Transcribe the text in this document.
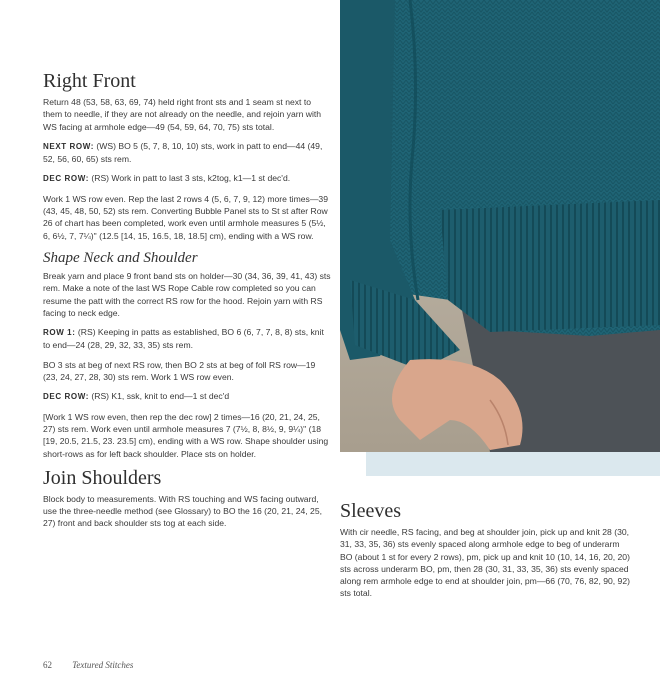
Right Front

Return 48 (53, 58, 63, 69, 74) held right front sts and 1 seam st next to them to needle, if they are not already on the needle, and rejoin yarn with WS facing at armhole edge—49 (54, 59, 64, 70, 75) sts total.

NEXT ROW: (WS) BO 5 (5, 7, 8, 10, 10) sts, work in patt to end—44 (49, 52, 56, 60, 65) sts rem.

DEC ROW: (RS) Work in patt to last 3 sts, k2tog, k1—1 st dec'd.

Work 1 WS row even. Rep the last 2 rows 4 (5, 6, 7, 9, 12) more times—39 (43, 45, 48, 50, 52) sts rem. Converting Bubble Panel sts to St st after Row 26 of chart has been completed, work even until armhole measures 5 (5½, 6, 6½, 7, 7¼)" (12.5 [14, 15, 16.5, 18, 18.5] cm), ending with a WS row.

Shape Neck and Shoulder

Break yarn and place 9 front band sts on holder—30 (34, 36, 39, 41, 43) sts rem. Make a note of the last WS Rope Cable row completed so you can resume the patt with the correct RS row for the hood. Rejoin yarn with RS facing to neck edge.

ROW 1: (RS) Keeping in patts as established, BO 6 (6, 7, 7, 8, 8) sts, knit to end—24 (28, 29, 32, 33, 35) sts rem.

BO 3 sts at beg of next RS row, then BO 2 sts at beg of foll RS row—19 (23, 24, 27, 28, 30) sts rem. Work 1 WS row even.

DEC ROW: (RS) K1, ssk, knit to end—1 st dec'd

[Work 1 WS row even, then rep the dec row] 2 times—16 (20, 21, 24, 25, 27) sts rem. Work even until armhole measures 7 (7½, 8, 8½, 9, 9¼)" (18 [19, 20.5, 21.5, 23. 23.5] cm), ending with a WS row. Shape shoulder using short-rows as for left back shoulder. Place sts on holder.

Join Shoulders

Block body to measurements. With RS touching and WS facing outward, use the three-needle method (see Glossary) to BO the 16 (20, 21, 24, 25, 27) front and back shoulder sts tog at each side.

Sleeves

With cir needle, RS facing, and beg at shoulder join, pick up and knit 28 (30, 31, 33, 35, 36) sts evenly spaced along armhole edge to beg of underarm BO (about 1 st for every 2 rows), pm, pick up and knit 10 (10, 14, 16, 20, 20) sts across underarm BO, pm, then 28 (30, 31, 33, 35, 36) sts evenly spaced along rem armhole edge to end at shoulder join, pm—66 (70, 76, 82, 90, 92) sts total.

62 Textured Stitches
